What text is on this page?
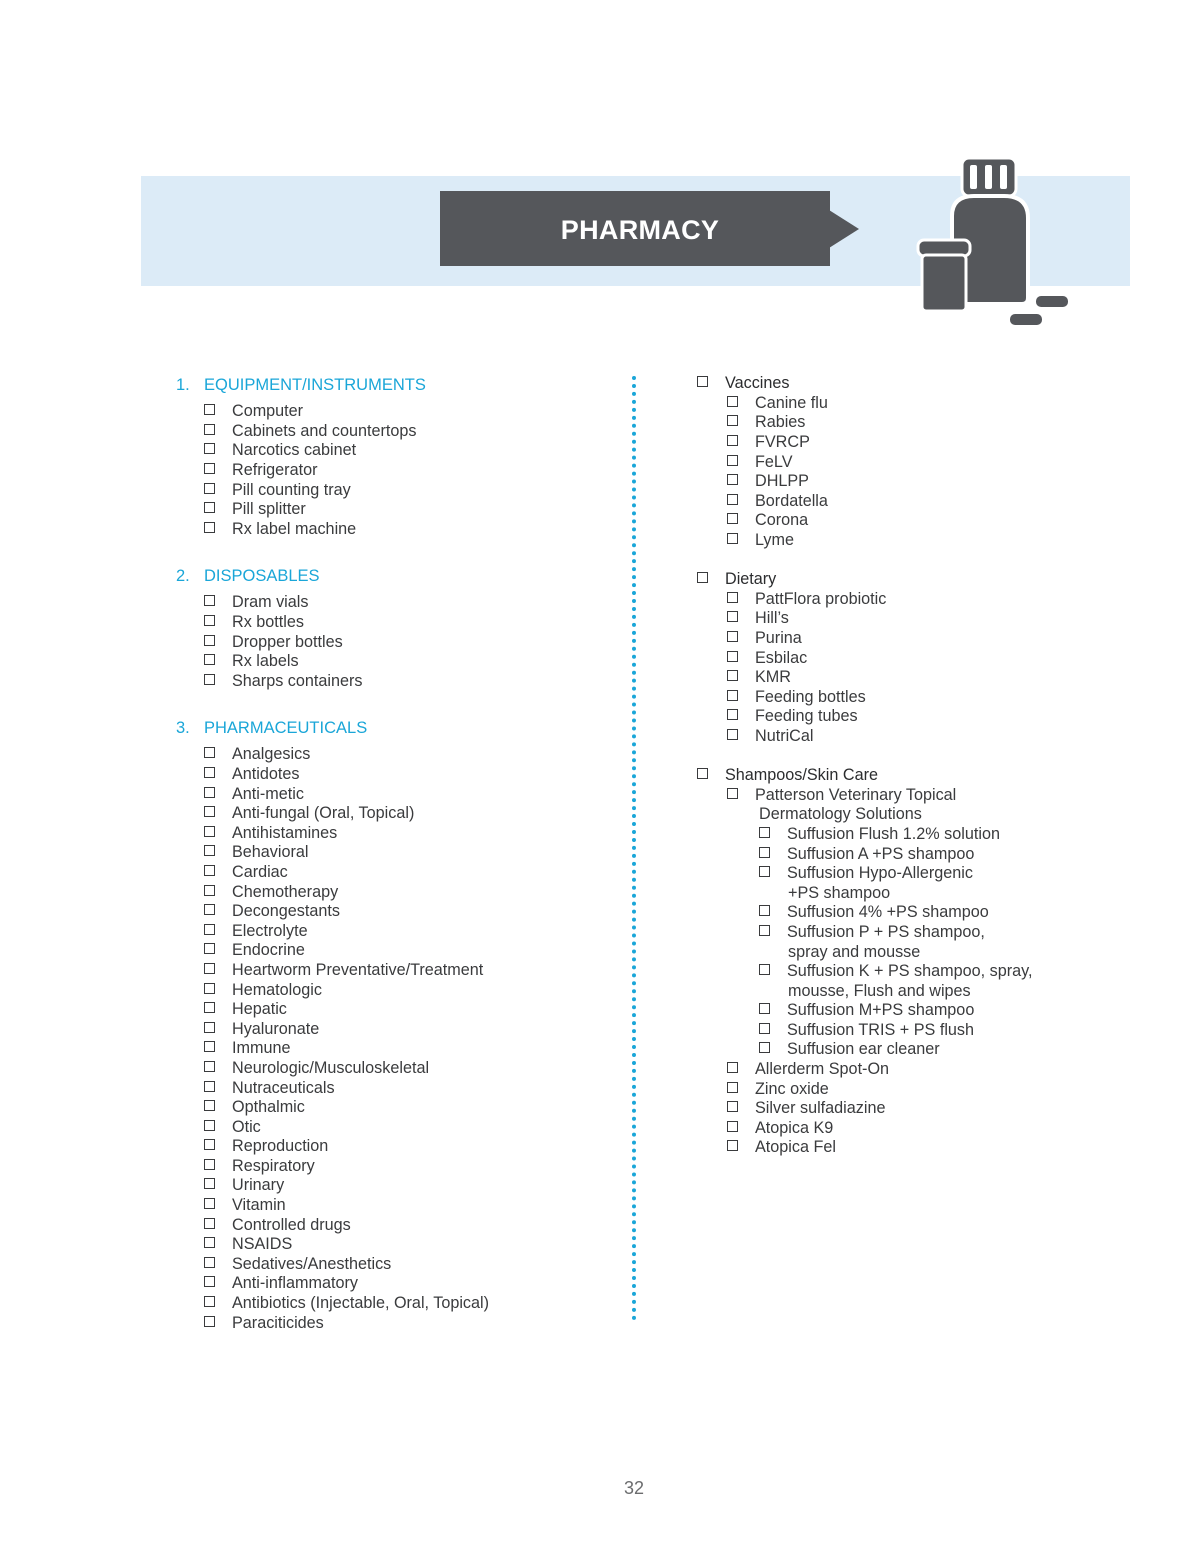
PHARMACY
1. EQUIPMENT/INSTRUMENTS
Computer
Cabinets and countertops
Narcotics cabinet
Refrigerator
Pill counting tray
Pill splitter
Rx label machine
2. DISPOSABLES
Dram vials
Rx bottles
Dropper bottles
Rx labels
Sharps containers
3. PHARMACEUTICALS
Analgesics
Antidotes
Anti-metic
Anti-fungal (Oral, Topical)
Antihistamines
Behavioral
Cardiac
Chemotherapy
Decongestants
Electrolyte
Endocrine
Heartworm Preventative/Treatment
Hematologic
Hepatic
Hyaluronate
Immune
Neurologic/Musculoskeletal
Nutraceuticals
Opthalmic
Otic
Reproduction
Respiratory
Urinary
Vitamin
Controlled drugs
NSAIDS
Sedatives/Anesthetics
Anti-inflammatory
Antibiotics (Injectable, Oral, Topical)
Paraciticides
Vaccines
Canine flu
Rabies
FVRCP
FeLV
DHLPP
Bordatella
Corona
Lyme
Dietary
PattFlora probiotic
Hill’s
Purina
Esbilac
KMR
Feeding bottles
Feeding tubes
NutriCal
Shampoos/Skin Care
Patterson Veterinary Topical
Dermatology Solutions
Suffusion Flush 1.2% solution
Suffusion A +PS shampoo
Suffusion Hypo-Allergenic
+PS shampoo
Suffusion 4% +PS shampoo
Suffusion P + PS shampoo,
spray and mousse
Suffusion K + PS shampoo, spray,
mousse, Flush and wipes
Suffusion M+PS shampoo
Suffusion TRIS + PS flush
Suffusion ear cleaner
Allerderm Spot-On
Zinc oxide
Silver sulfadiazine
Atopica K9
Atopica Fel
32
